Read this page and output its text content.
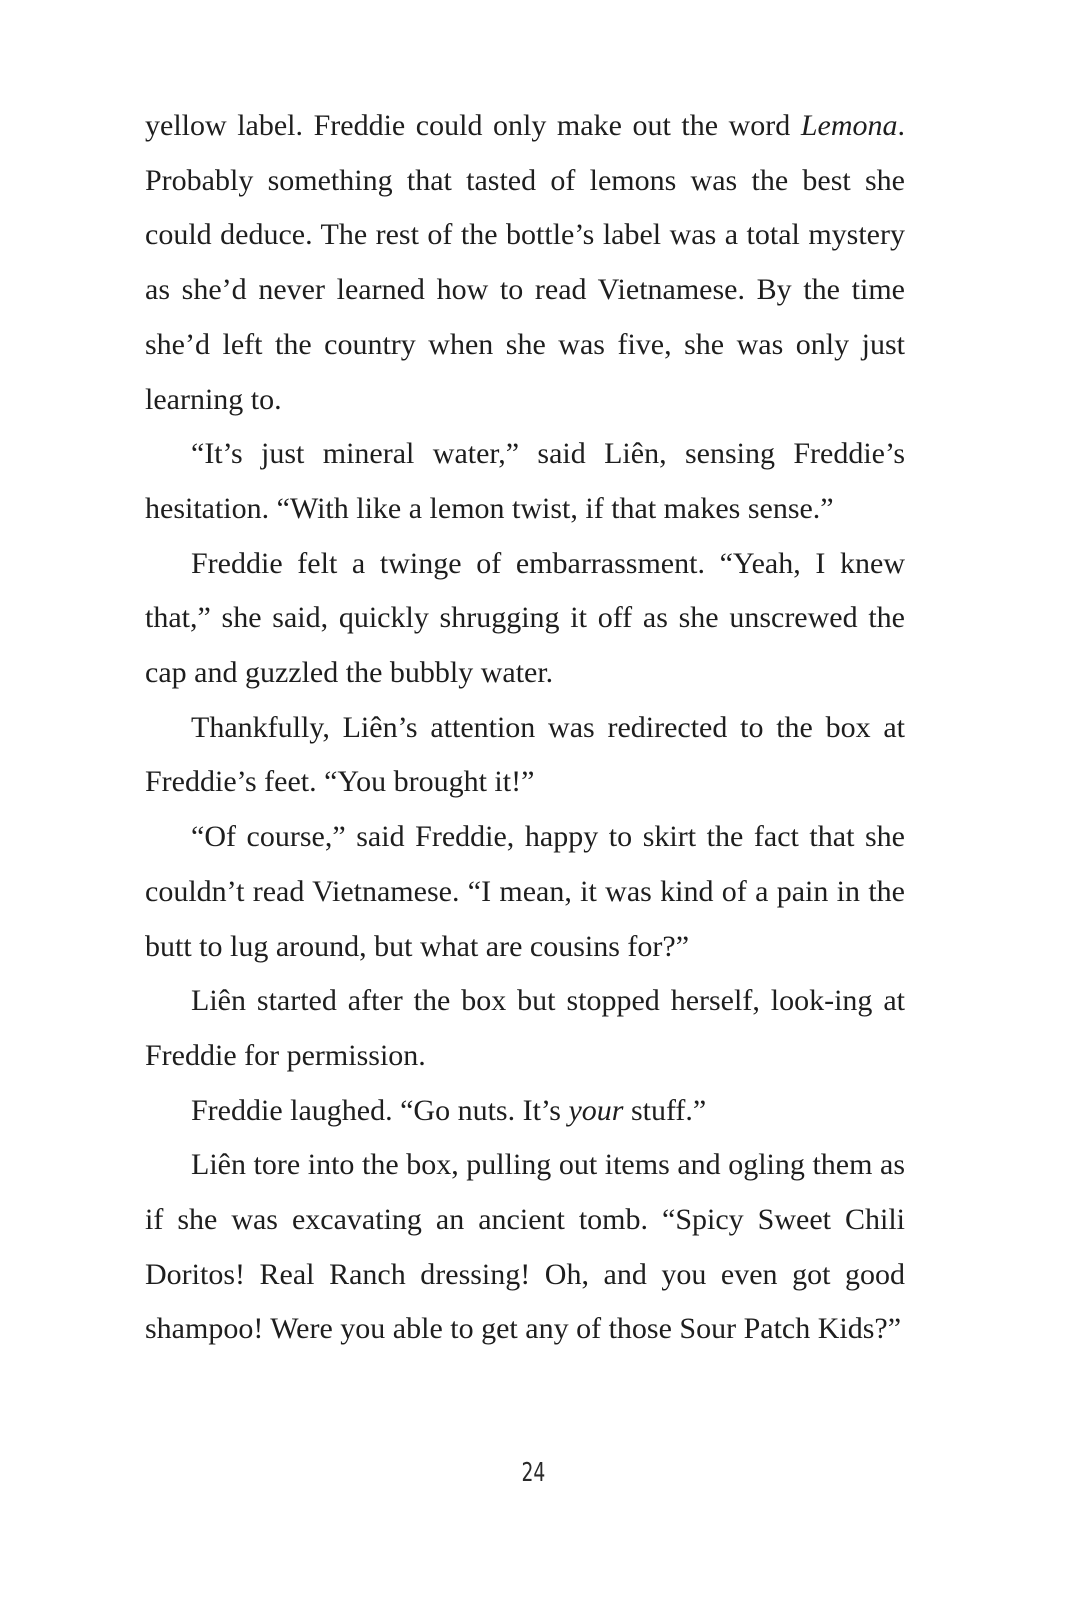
yellow label. Freddie could only make out the word Lemona. Probably something that tasted of lemons was the best she could deduce. The rest of the bottle’s label was a total mystery as she’d never learned how to read Vietnamese. By the time she’d left the country when she was five, she was only just learning to.

“It’s just mineral water,” said Liên, sensing Freddie’s hesitation. “With like a lemon twist, if that makes sense.”

Freddie felt a twinge of embarrassment. “Yeah, I knew that,” she said, quickly shrugging it off as she unscrewed the cap and guzzled the bubbly water.

Thankfully, Liên’s attention was redirected to the box at Freddie’s feet. “You brought it!”

“Of course,” said Freddie, happy to skirt the fact that she couldn’t read Vietnamese. “I mean, it was kind of a pain in the butt to lug around, but what are cousins for?”

Liên started after the box but stopped herself, look-ing at Freddie for permission.

Freddie laughed. “Go nuts. It’s your stuff.”

Liên tore into the box, pulling out items and ogling them as if she was excavating an ancient tomb. “Spicy Sweet Chili Doritos! Real Ranch dressing! Oh, and you even got good shampoo! Were you able to get any of those Sour Patch Kids?”

24
